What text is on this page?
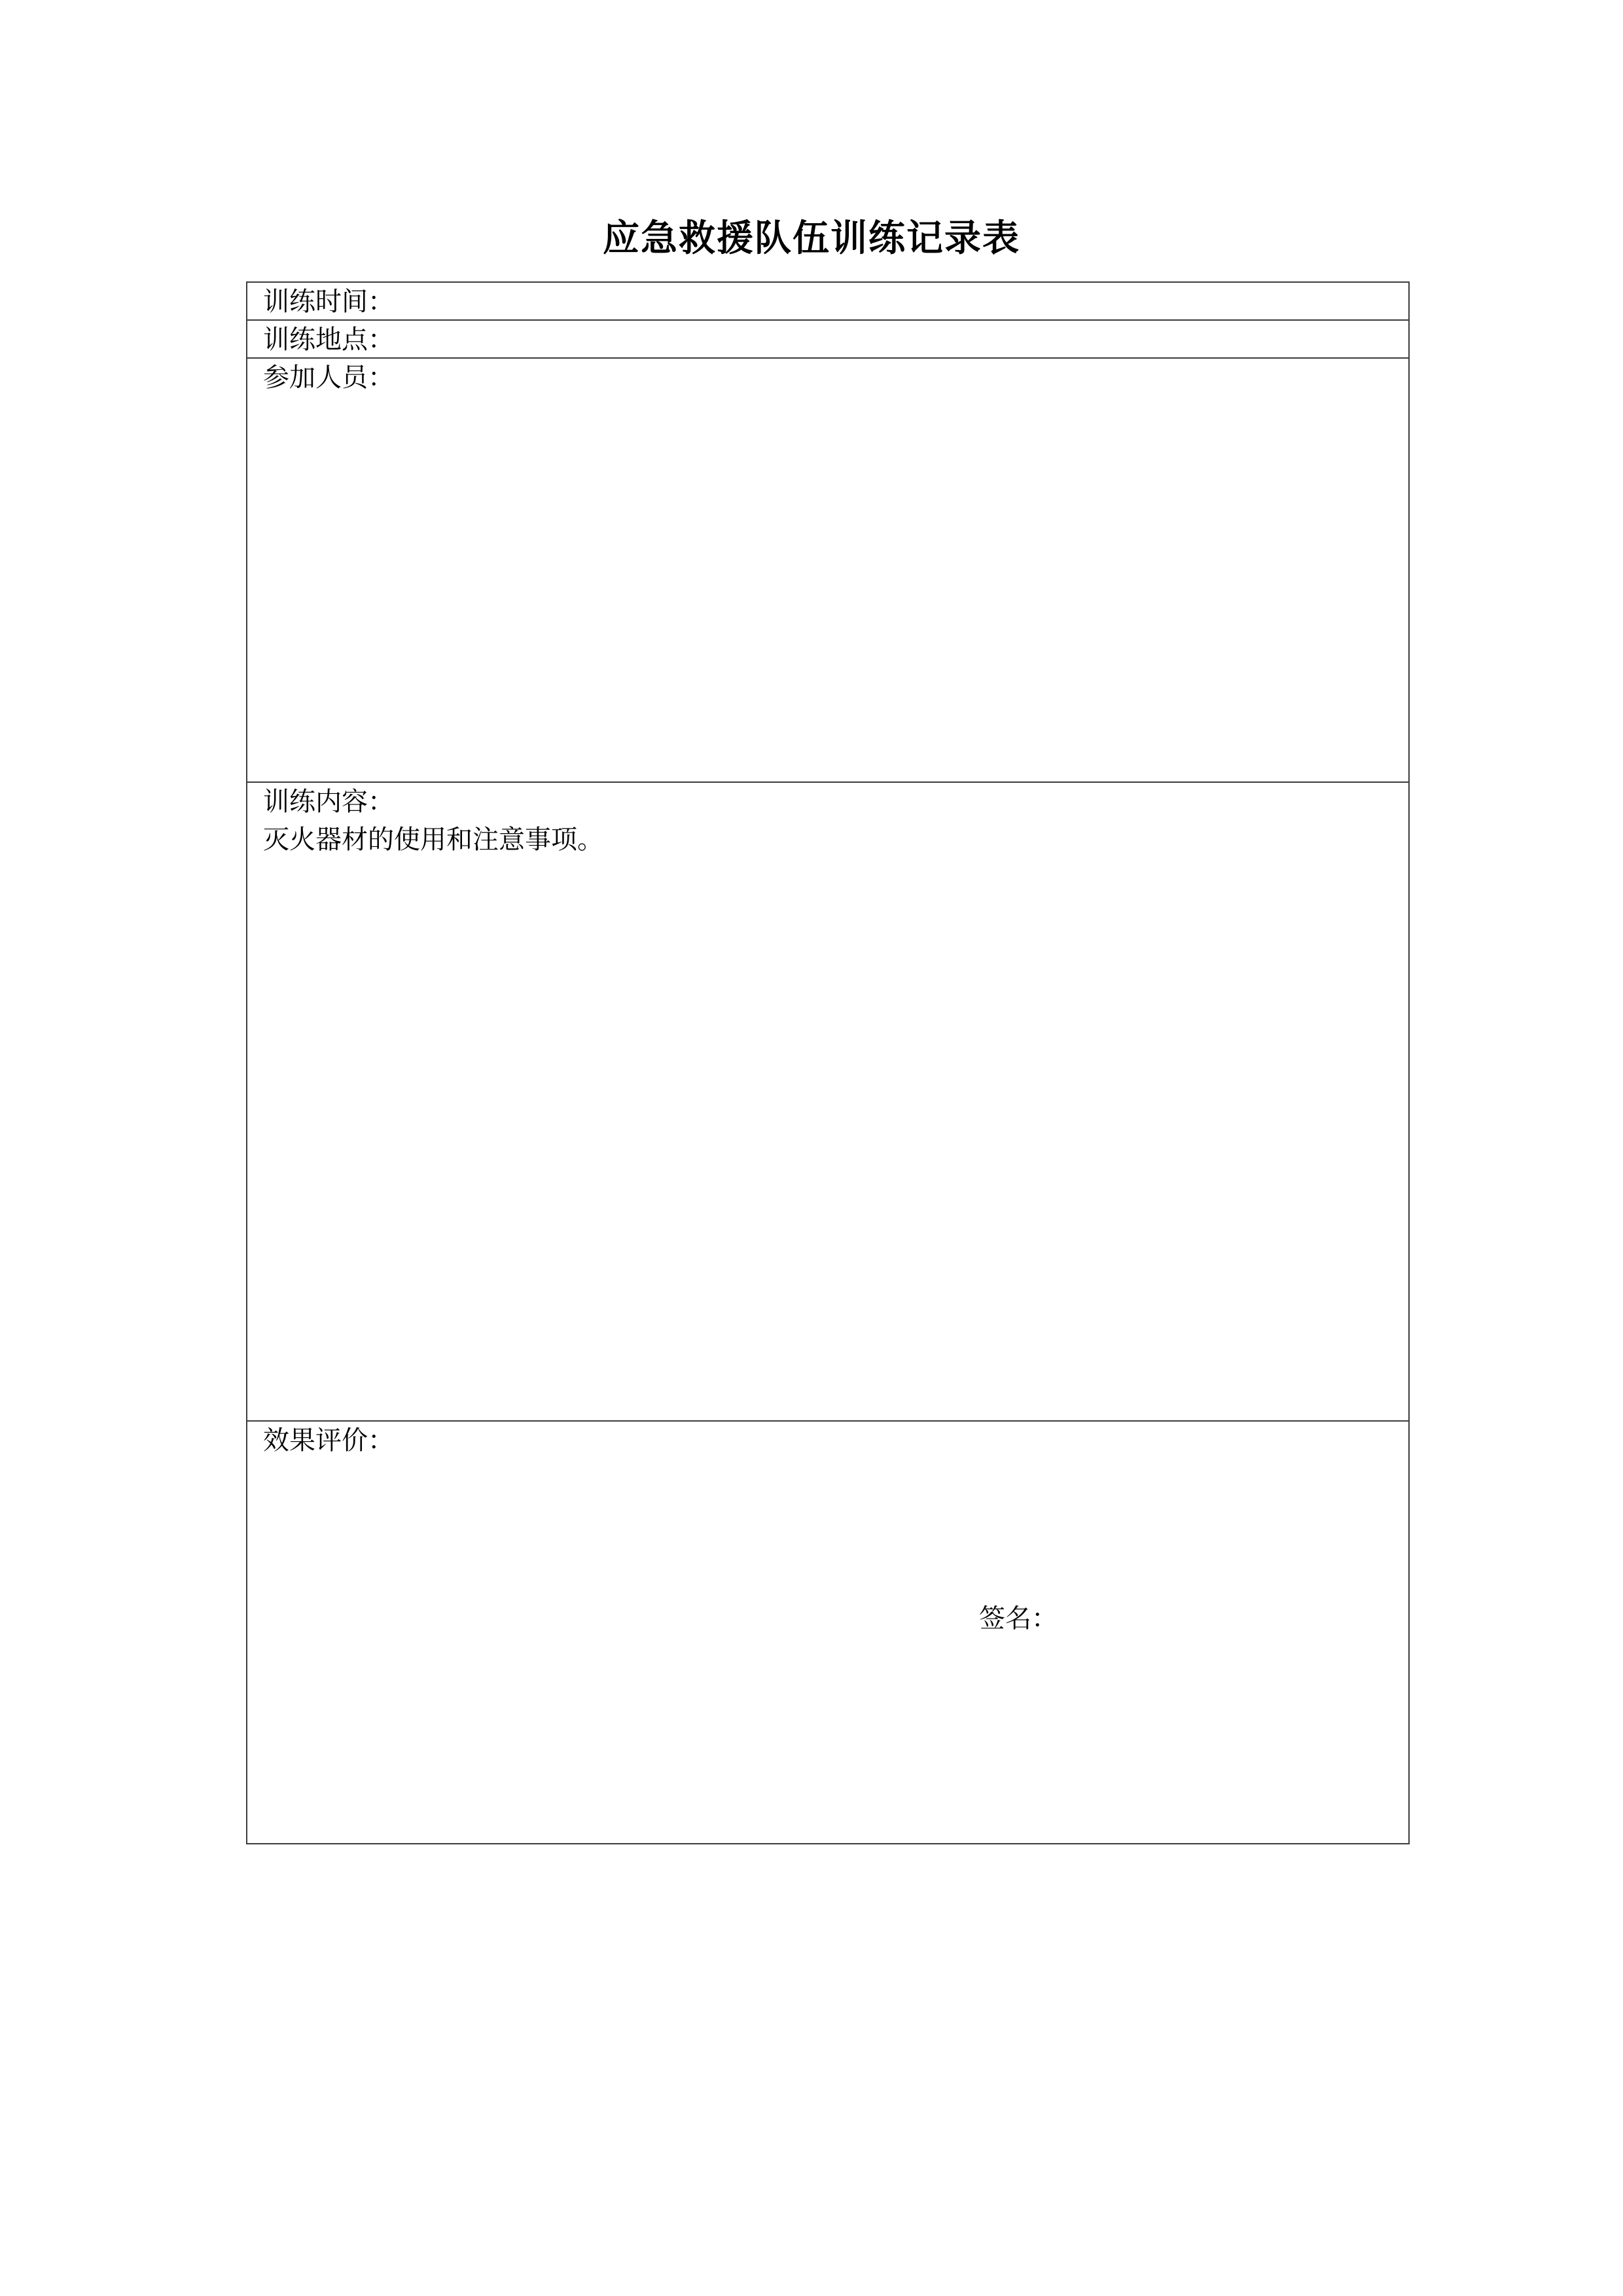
应急救援队伍训练记录表
训练时间：
训练地点：
参加人员：
训练内容：
灭火器材的使用和注意事项。
效果评价：
签名：
